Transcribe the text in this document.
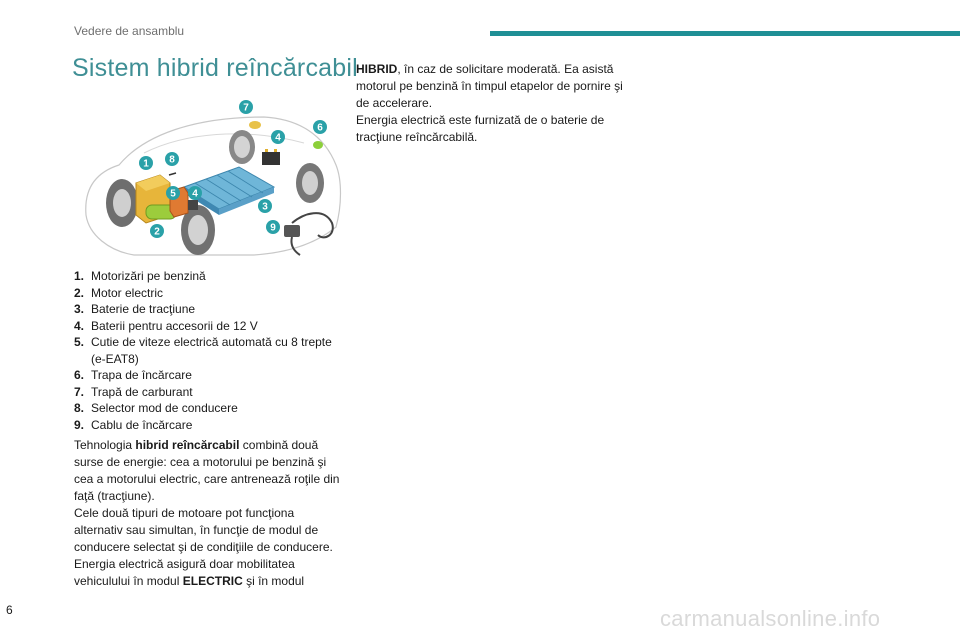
Vedere de ansamblu
Sistem hibrid reîncărcabil
1 8
7
4
6
5 4
2
3
9
1. Motorizări pe benzină
2. Motor electric
3. Baterie de tracţiune
4. Baterii pentru accesorii de 12 V
5. Cutie de viteze electrică automată cu 8 trepte (e-EAT8)
6. Trapa de încărcare
7. Trapă de carburant
8. Selector mod de conducere
9. Cablu de încărcare
Tehnologia hibrid reîncărcabil combină două surse de energie: cea a motorului pe benzină şi cea a motorului electric, care antrenează roţile din faţă (tracţiune).
Cele două tipuri de motoare pot funcţiona alternativ sau simultan, în funcţie de modul de conducere selectat şi de condiţiile de conducere.
Energia electrică asigură doar mobilitatea vehiculului în modul ELECTRIC şi în modul
HIBRID, în caz de solicitare moderată. Ea asistă motorul pe benzină în timpul etapelor de pornire şi de accelerare.
Energia electrică este furnizată de o baterie de tracţiune reîncărcabilă.
6	carmanualsonline.info
